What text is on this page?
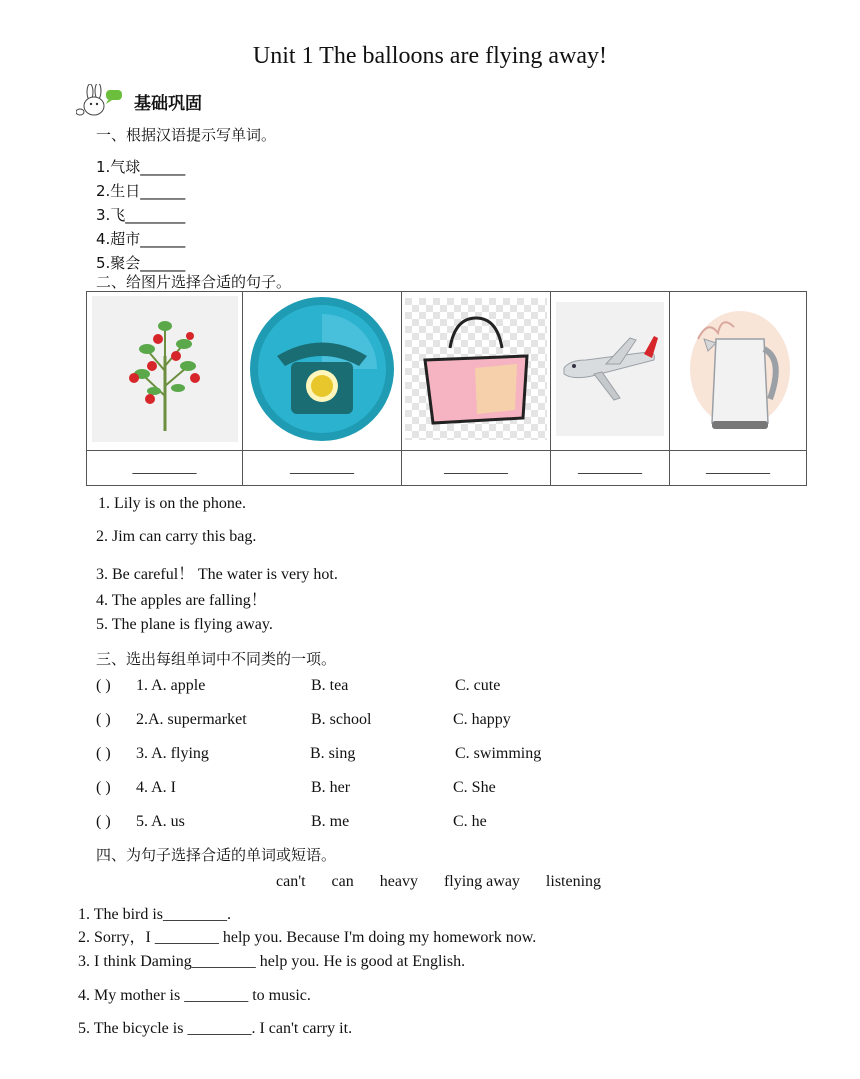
Unit 1 The balloons are flying away!
基础巩固
一、根据汉语提示写单词。
1.气球______
2.生日______
3.飞________
4.超市______
5.聚会______
二、给图片选择合适的句子。

________	________	________	________	________
1. Lily is on the phone.
2. Jim can carry this bag.
3. Be careful！ The water is very hot.
4. The apples are falling！
5. The plane is flying away.
三、选出每组单词中不同类的一项。
( ) 1. A. apple	B. tea	C. cute
( ) 2.A. supermarket	B. school	C. happy
( ) 3. A. flying	B. sing	C. swimming
( ) 4. A. I	B. her	C. She
( ) 5. A. us	B. me	C. he
四、为句子选择合适的单词或短语。
can't can heavy flying away listening
1. The bird is________.
2. Sorry，I ________ help you. Because I'm doing my homework now.
3. I think Daming________ help you. He is good at English.
4. My mother is ________ to music.
5. The bicycle is ________. I can't carry it.
